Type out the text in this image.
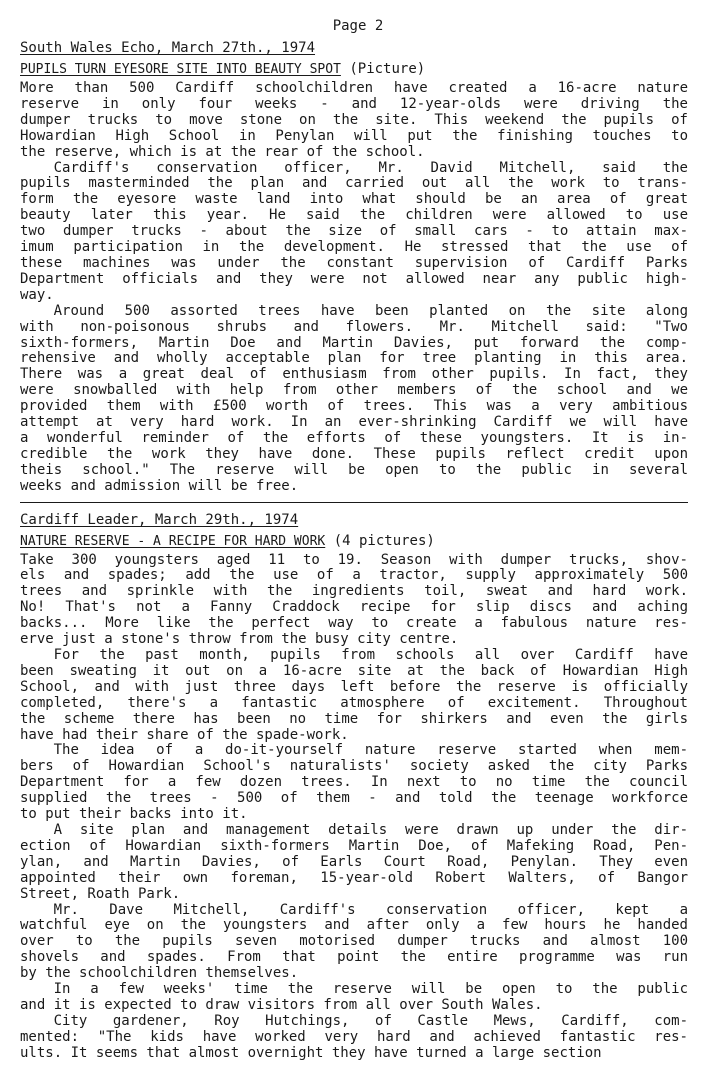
Page 2
South Wales Echo, March 27th., 1974
PUPILS TURN EYESORE SITE INTO BEAUTY SPOT (Picture)
More than 500 Cardiff schoolchildren have created a 16-acre nature
reserve in only four weeks - and 12-year-olds were driving the
dumper trucks to move stone on the site. This weekend the pupils of
Howardian High School in Penylan will put the finishing touches to
the reserve, which is at the rear of the school.
Cardiff's conservation officer, Mr. David Mitchell, said the
pupils masterminded the plan and carried out all the work to trans-
form the eyesore waste land into what should be an area of great
beauty later this year. He said the children were allowed to use
two dumper trucks - about the size of small cars - to attain max-
imum participation in the development. He stressed that the use of
these machines was under the constant supervision of Cardiff Parks
Department officials and they were not allowed near any public high-
way.
Around 500 assorted trees have been planted on the site along
with non-poisonous shrubs and flowers. Mr. Mitchell said: "Two
sixth-formers, Martin Doe and Martin Davies, put forward the comp-
rehensive and wholly acceptable plan for tree planting in this area.
There was a great deal of enthusiasm from other pupils. In fact, they
were snowballed with help from other members of the school and we
provided them with £500 worth of trees. This was a very ambitious
attempt at very hard work. In an ever-shrinking Cardiff we will have
a wonderful reminder of the efforts of these youngsters. It is in-
credible the work they have done. These pupils reflect credit upon
theis school." The reserve will be open to the public in several
weeks and admission will be free.
Cardiff Leader, March 29th., 1974
NATURE RESERVE - A RECIPE FOR HARD WORK (4 pictures)
Take 300 youngsters aged 11 to 19. Season with dumper trucks, shov-
els and spades; add the use of a tractor, supply approximately 500
trees and sprinkle with the ingredients toil, sweat and hard work.
No! That's not a Fanny Craddock recipe for slip discs and aching
backs... More like the perfect way to create a fabulous nature res-
erve just a stone's throw from the busy city centre.
For the past month, pupils from schools all over Cardiff have
been sweating it out on a 16-acre site at the back of Howardian High
School, and with just three days left before the reserve is officially
completed, there's a fantastic atmosphere of excitement. Throughout
the scheme there has been no time for shirkers and even the girls
have had their share of the spade-work.
The idea of a do-it-yourself nature reserve started when mem-
bers of Howardian School's naturalists' society asked the city Parks
Department for a few dozen trees. In next to no time the council
supplied the trees - 500 of them - and told the teenage workforce
to put their backs into it.
A site plan and management details were drawn up under the dir-
ection of Howardian sixth-formers Martin Doe, of Mafeking Road, Pen-
ylan, and Martin Davies, of Earls Court Road, Penylan. They even
appointed their own foreman, 15-year-old Robert Walters, of Bangor
Street, Roath Park.
Mr. Dave Mitchell, Cardiff's conservation officer, kept a
watchful eye on the youngsters and after only a few hours he handed
over to the pupils seven motorised dumper trucks and almost 100
shovels and spades. From that point the entire programme was run
by the schoolchildren themselves.
In a few weeks' time the reserve will be open to the public
and it is expected to draw visitors from all over South Wales.
City gardener, Roy Hutchings, of Castle Mews, Cardiff, com-
mented: "The kids have worked very hard and achieved fantastic res-
ults. It seems that almost overnight they have turned a large section
